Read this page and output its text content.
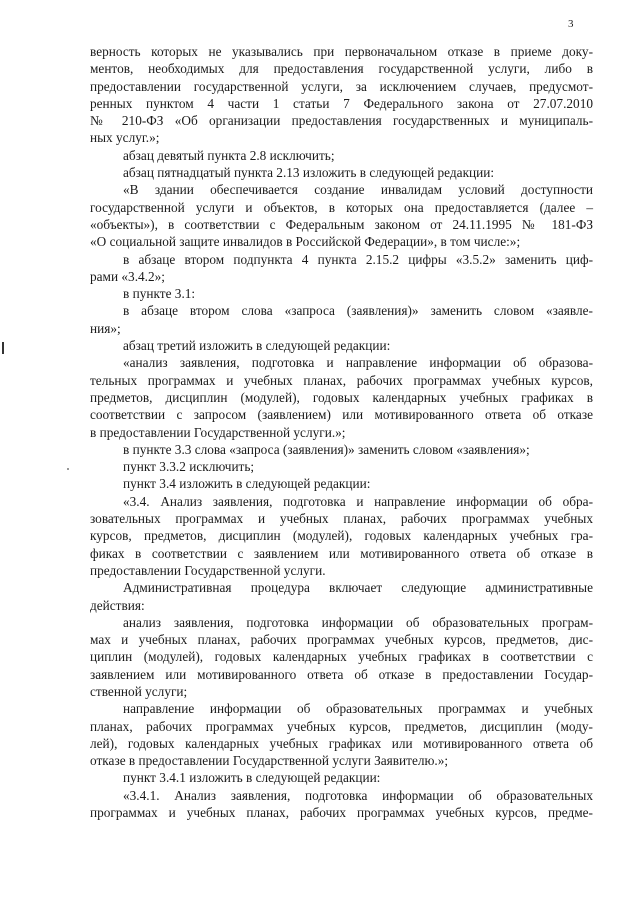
3
верность которых не указывались при первоначальном отказе в приеме доку-
ментов, необходимых для предоставления государственной услуги, либо в
предоставлении государственной услуги, за исключением случаев, предусмот-
ренных пунктом 4 части 1 статьи 7 Федерального закона от 27.07.2010
№ 210-ФЗ «Об организации предоставления государственных и муниципаль-
ных услуг.»;
абзац девятый пункта 2.8 исключить;
абзац пятнадцатый пункта 2.13 изложить в следующей редакции:
«В здании обеспечивается создание инвалидам условий доступности
государственной услуги и объектов, в которых она предоставляется (далее –
«объекты»), в соответствии с Федеральным законом от 24.11.1995 № 181-ФЗ
«О социальной защите инвалидов в Российской Федерации», в том числе:»;
в абзаце втором подпункта 4 пункта 2.15.2 цифры «3.5.2» заменить циф-
рами «3.4.2»;
в пункте 3.1:
в абзаце втором слова «запроса (заявления)» заменить словом «заявле-
ния»;
абзац третий изложить в следующей редакции:
«анализ заявления, подготовка и направление информации об образова-
тельных программах и учебных планах, рабочих программах учебных курсов,
предметов, дисциплин (модулей), годовых календарных учебных графиках в
соответствии с запросом (заявлением) или мотивированного ответа об отказе
в предоставлении Государственной услуги.»;
в пункте 3.3 слова «запроса (заявления)» заменить словом «заявления»;
пункт 3.3.2 исключить;
пункт 3.4 изложить в следующей редакции:
«3.4. Анализ заявления, подготовка и направление информации об обра-
зовательных программах и учебных планах, рабочих программах учебных
курсов, предметов, дисциплин (модулей), годовых календарных учебных гра-
фиках в соответствии с заявлением или мотивированного ответа об отказе в
предоставлении Государственной услуги.
Административная процедура включает следующие административные
действия:
анализ заявления, подготовка информации об образовательных програм-
мах и учебных планах, рабочих программах учебных курсов, предметов, дис-
циплин (модулей), годовых календарных учебных графиках в соответствии с
заявлением или мотивированного ответа об отказе в предоставлении Государ-
ственной услуги;
направление информации об образовательных программах и учебных
планах, рабочих программах учебных курсов, предметов, дисциплин (моду-
лей), годовых календарных учебных графиках или мотивированного ответа об
отказе в предоставлении Государственной услуги Заявителю.»;
пункт 3.4.1 изложить в следующей редакции:
«3.4.1. Анализ заявления, подготовка информации об образовательных
программах и учебных планах, рабочих программах учебных курсов, предме-
